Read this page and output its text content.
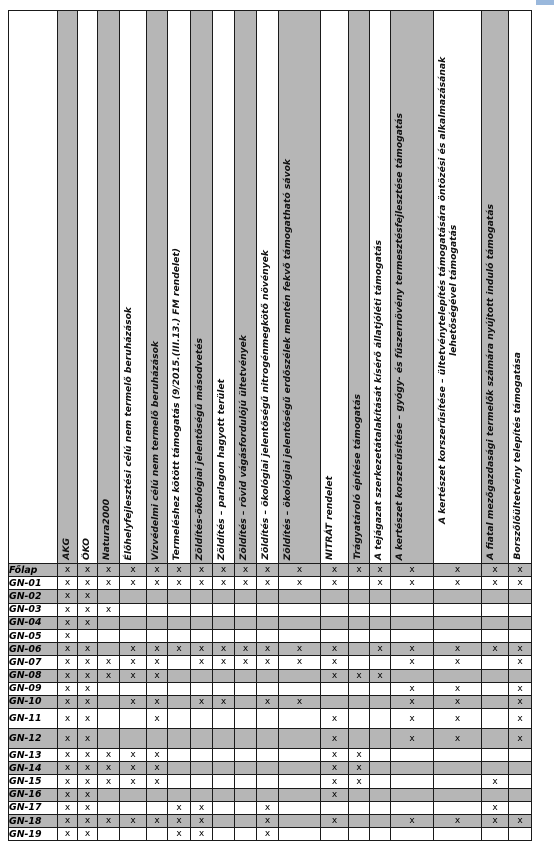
	AKG	ÖKO	Natura2000	Élőhelyfejlesztési célú nem termelő beruházások	Vízvédelmi célú nem termelő beruházások	Termeléshez kötött támogatás (9/2015.(III.13.) FM rendelet)	Zöldítés-ökológiai jelentőségű másodvetés	Zöldítés – parlagon hagyott terület	Zöldítés – rövid vágásfordulójú ültetvények	Zöldítés – ökológiai jelentőségű nitrogénmegkötő növények	Zöldítés – ökológiai jelentőségű erdőszélek mentén fekvő támogatható sávok	NITRÁT rendelet	Trágyatároló építése támogatás	A tejágazat szerkezetátalakítását kísérő állatjóléti támogatás	A kertészet korszerűsítése – gyógy- és fűszernövény termesztésfejlesztése támogatás	A kertészet korszerűsítése – ültetvénytelepítés támogatására öntözési és alkalmazásának lehetőségével támogatás	A fiatal mezőgazdasági termelők számára nyújtott induló támogatás	Borszőlőültetvény telepítés támogatása

Főlap	x	x	x	x	x	x	x	x	x	x	x	x	x	x	x	x	x	x
GN-01	x	x	x	x	x	x	x	x	x	x	x	x		x	x	x	x	x
GN-02	x	x																
GN-03	x	x	x															
GN-04	x	x																
GN-05	x																	
GN-06	x	x		x	x	x	x	x	x	x	x	x		x	x	x	x	x
GN-07	x	x	x	x	x		x	x	x	x	x	x			x	x		x
GN-08	x	x	x	x	x							x	x	x				
GN-09	x	x													x	x		x
GN-10	x	x		x	x		x	x		x	x				x	x		x
GN-11	x	x			x							x			x	x		x
GN-12	x	x										x			x	x		x
GN-13	x	x	x	x	x							x	x					
GN-14	x	x	x	x	x							x	x					
GN-15	x	x	x	x	x							x	x				x	
GN-16	x	x										x						
GN-17	x	x				x	x			x							x	
GN-18	x	x	x	x	x	x	x			x		x			x	x	x	x
GN-19	x	x				x	x			x								
